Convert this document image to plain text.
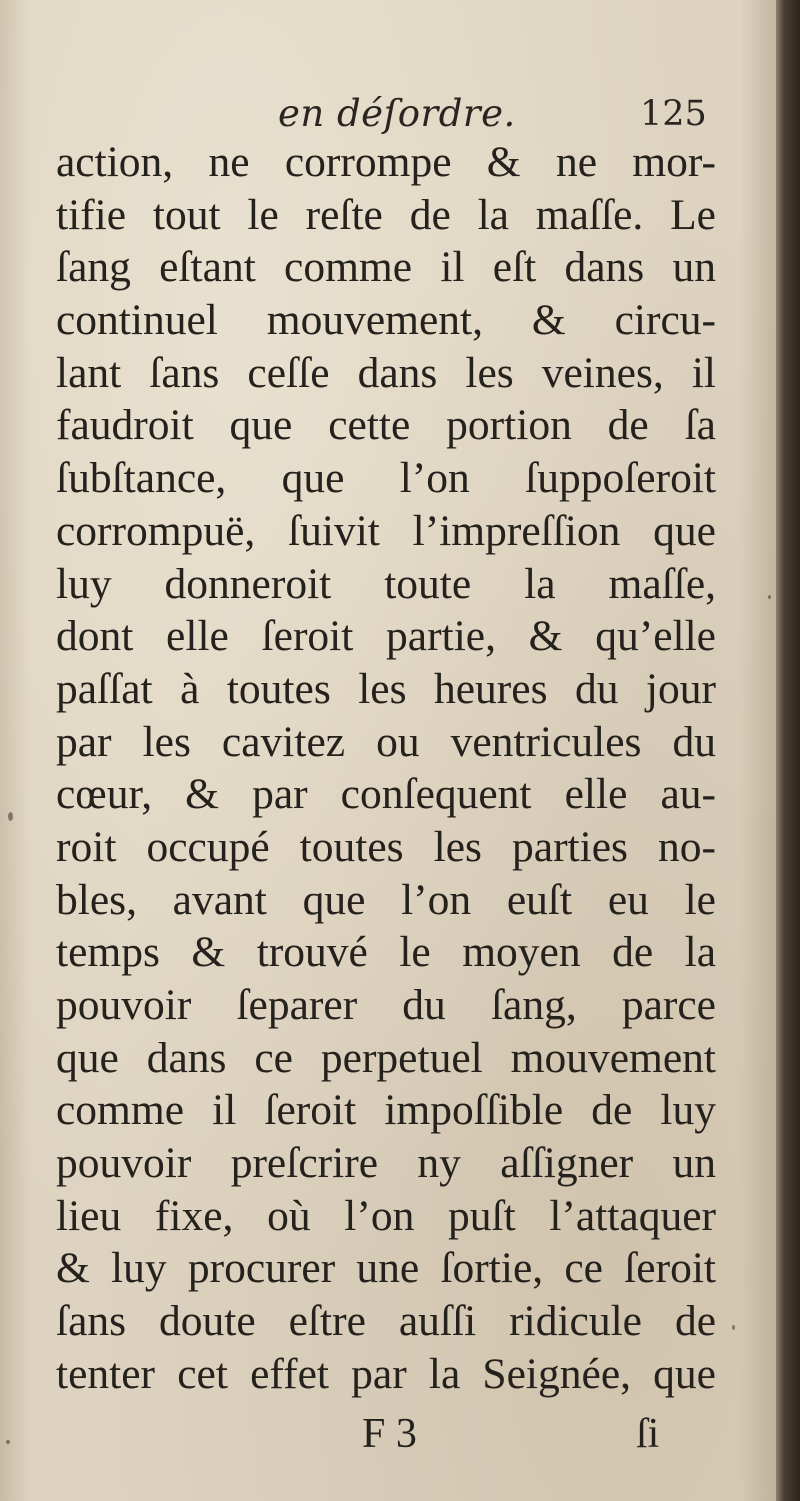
en déſordre.	125
action, ne corrompe & ne mor-
tifie tout le reſte de la maſſe. Le
ſang eſtant comme il eſt dans un
continuel mouvement, & circu-
lant ſans ceſſe dans les veines, il
faudroit que cette portion de ſa
ſubſtance, que l’on ſuppoſeroit
corrompuë, ſuivit l’impreſſion que
luy donneroit toute la maſſe,
dont elle ſeroit partie, & qu’elle
paſſat à toutes les heures du jour
par les cavitez ou ventricules du
cœur, & par conſequent elle au-
roit occupé toutes les parties no-
bles, avant que l’on euſt eu le
temps & trouvé le moyen de la
pouvoir ſeparer du ſang, parce
que dans ce perpetuel mouvement
comme il ſeroit impoſſible de luy
pouvoir preſcrire ny aſſigner un
lieu fixe, où l’on puſt l’attaquer
& luy procurer une ſortie, ce ſeroit
ſans doute eſtre auſſi ridicule de
tenter cet effet par la Seignée, que
F 3	ſi
